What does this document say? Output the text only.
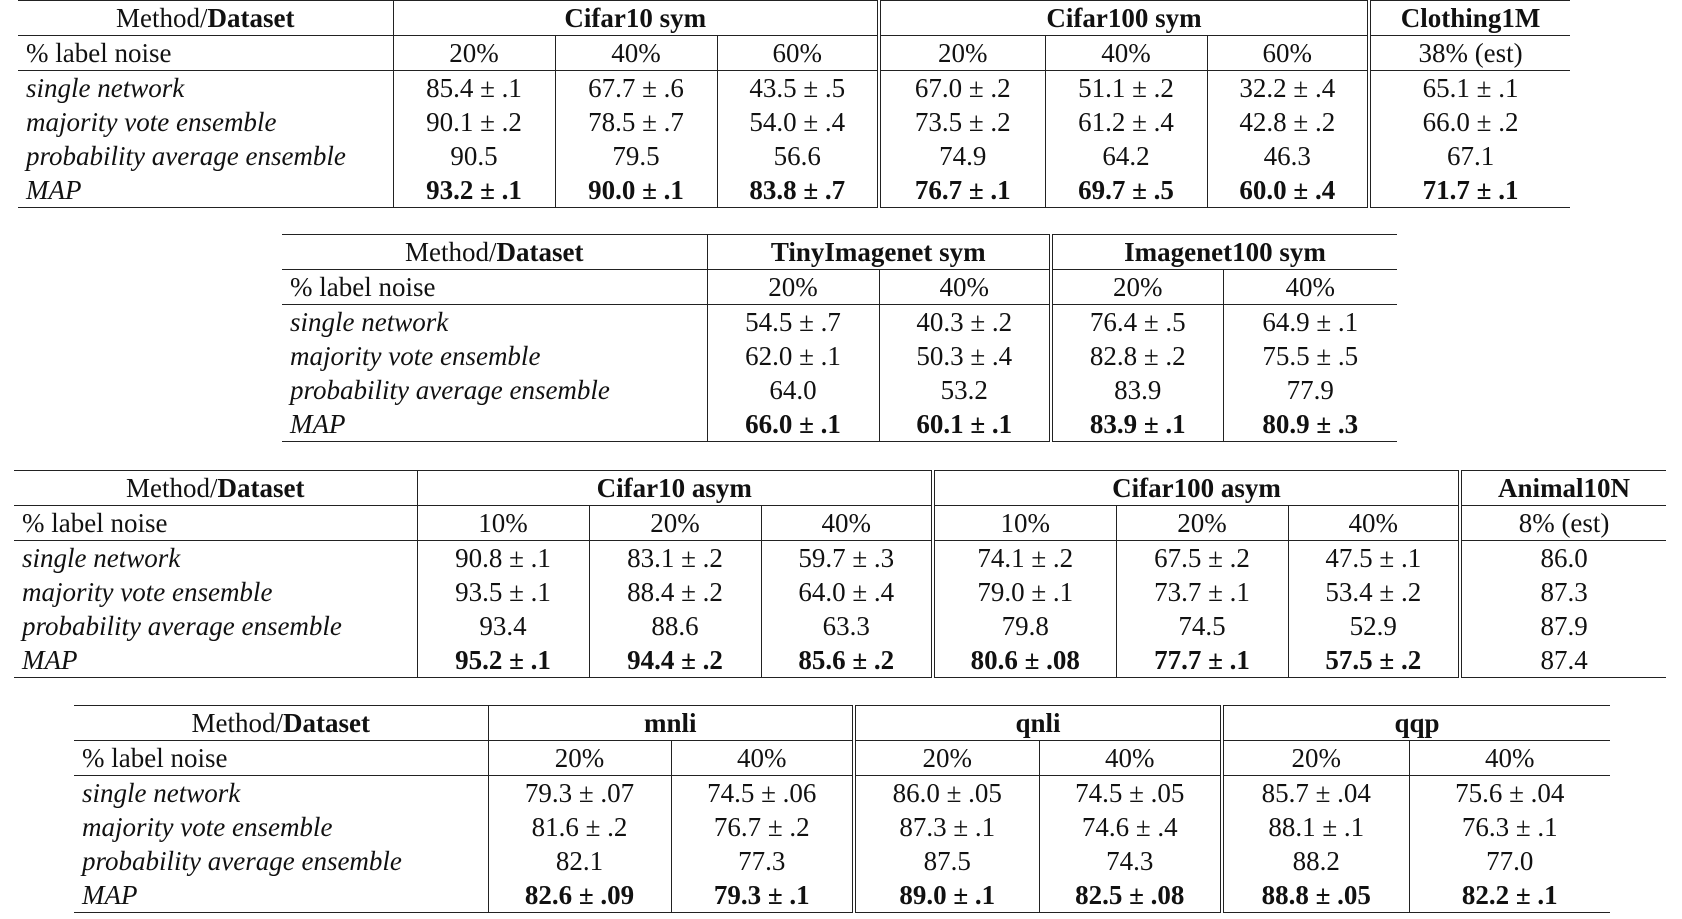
Method/Dataset	Cifar10 sym			Cifar100 sym			Clothing1M
% label noise	20%	40%	60%	20%	40%	60%	38% (est)
single network	85.4 ± .1	67.7 ± .6	43.5 ± .5	67.0 ± .2	51.1 ± .2	32.2 ± .4	65.1 ± .1
majority vote ensemble	90.1 ± .2	78.5 ± .7	54.0 ± .4	73.5 ± .2	61.2 ± .4	42.8 ± .2	66.0 ± .2
probability average ensemble	90.5	79.5	56.6	74.9	64.2	46.3	67.1
MAP	93.2 ± .1	90.0 ± .1	83.8 ± .7	76.7 ± .1	69.7 ± .5	60.0 ± .4	71.7 ± .1
Method/Dataset	TinyImagenet sym		Imagenet100 sym	
% label noise	20%	40%	20%	40%
single network	54.5 ± .7	40.3 ± .2	76.4 ± .5	64.9 ± .1
majority vote ensemble	62.0 ± .1	50.3 ± .4	82.8 ± .2	75.5 ± .5
probability average ensemble	64.0	53.2	83.9	77.9
MAP	66.0 ± .1	60.1 ± .1	83.9 ± .1	80.9 ± .3
Method/Dataset	Cifar10 asym			Cifar100 asym			Animal10N
% label noise	10%	20%	40%	10%	20%	40%	8% (est)
single network	90.8 ± .1	83.1 ± .2	59.7 ± .3	74.1 ± .2	67.5 ± .2	47.5 ± .1	86.0
majority vote ensemble	93.5 ± .1	88.4 ± .2	64.0 ± .4	79.0 ± .1	73.7 ± .1	53.4 ± .2	87.3
probability average ensemble	93.4	88.6	63.3	79.8	74.5	52.9	87.9
MAP	95.2 ± .1	94.4 ± .2	85.6 ± .2	80.6 ± .08	77.7 ± .1	57.5 ± .2	87.4
Method/Dataset	mnli		qnli		qqp	
% label noise	20%	40%	20%	40%	20%	40%
single network	79.3 ± .07	74.5 ± .06	86.0 ± .05	74.5 ± .05	85.7 ± .04	75.6 ± .04
majority vote ensemble	81.6 ± .2	76.7 ± .2	87.3 ± .1	74.6 ± .4	88.1 ± .1	76.3 ± .1
probability average ensemble	82.1	77.3	87.5	74.3	88.2	77.0
MAP	82.6 ± .09	79.3 ± .1	89.0 ± .1	82.5 ± .08	88.8 ± .05	82.2 ± .1
